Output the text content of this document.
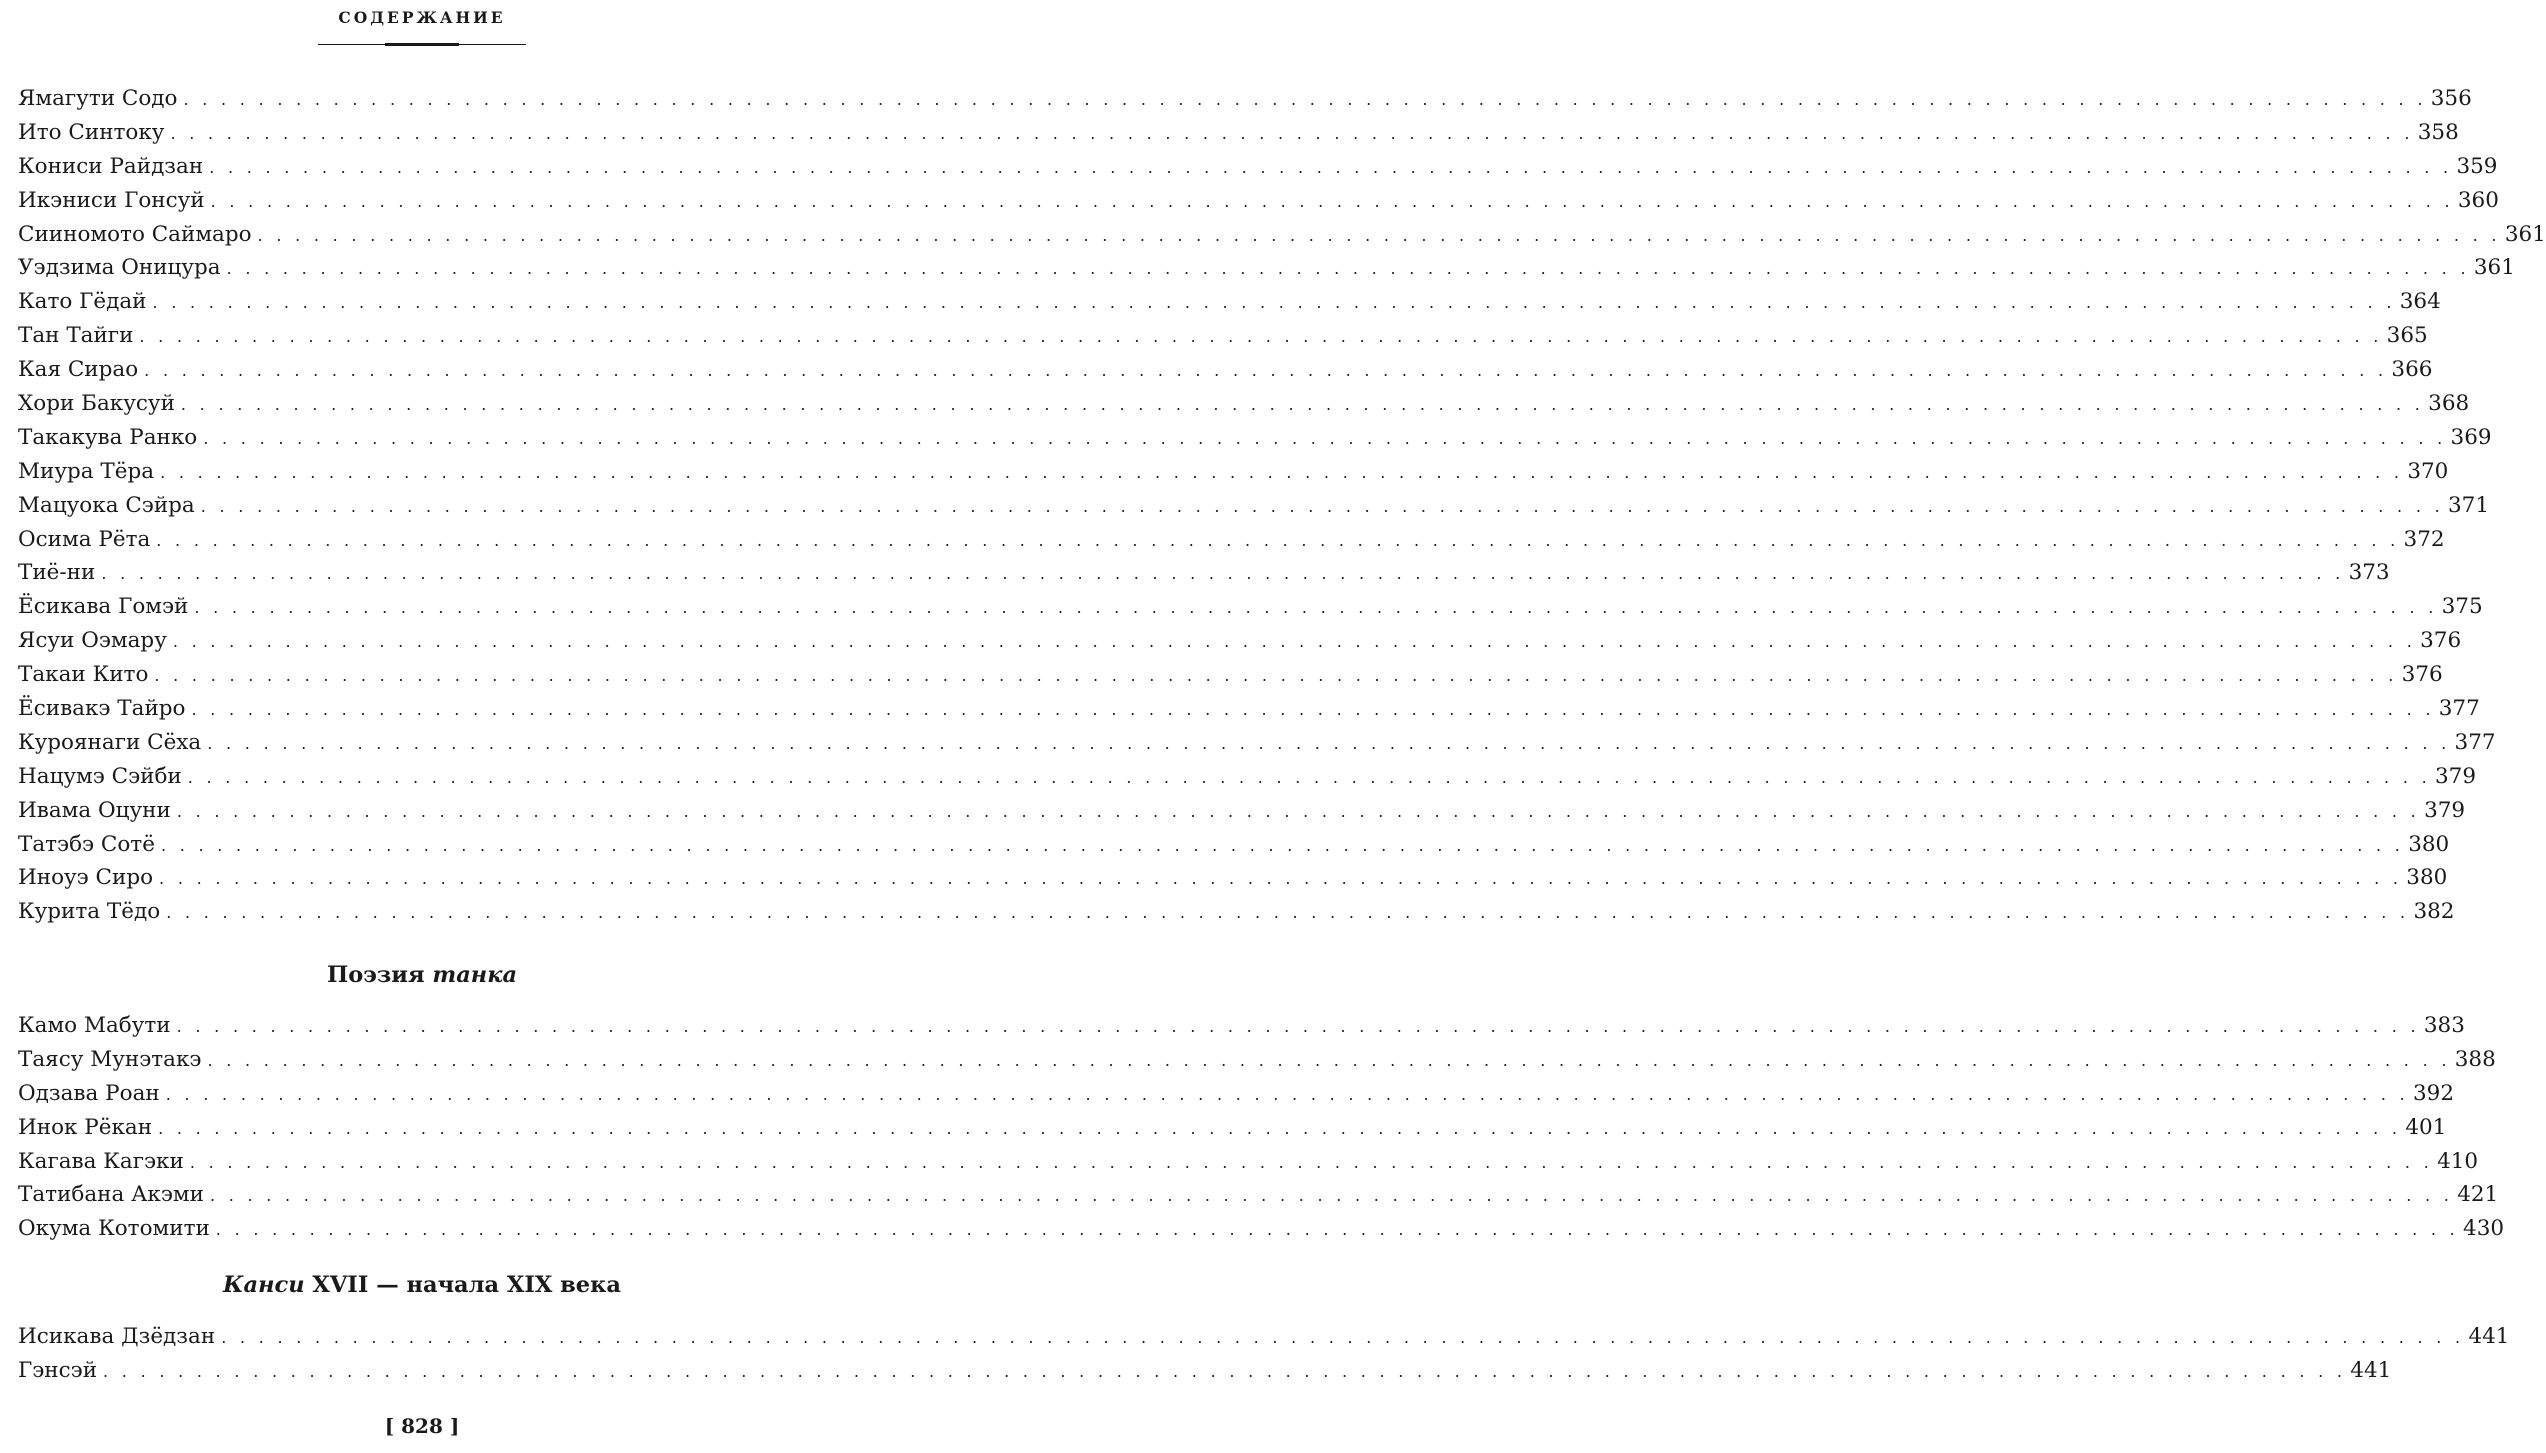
СОДЕРЖАНИЕ
Ямагути Содо . . . . . . . . . . . . . . . . . . . . . . . . . . . . . . . . . . . . . . . . . . . . . . . . . . . . . . . . . . . . . . . . . . . . . . . . . . . . . . . . . . . . . . . . . . . . . . . . . . . . . . . . . . . . . . . . . . . . . . . . 356
Ито Синтоку . . . . . . . . . . . . . . . . . . . . . . . . . . . . . . . . . . . . . . . . . . . . . . . . . . . . . . . . . . . . . . . . . . . . . . . . . . . . . . . . . . . . . . . . . . . . . . . . . . . . . . . . . . . . . . . . . . . . . . . . 358
Кониси Райдзан . . . . . . . . . . . . . . . . . . . . . . . . . . . . . . . . . . . . . . . . . . . . . . . . . . . . . . . . . . . . . . . . . . . . . . . . . . . . . . . . . . . . . . . . . . . . . . . . . . . . . . . . . . . . . . . . . . . . . . . . 359
Икэниси Гонсуй . . . . . . . . . . . . . . . . . . . . . . . . . . . . . . . . . . . . . . . . . . . . . . . . . . . . . . . . . . . . . . . . . . . . . . . . . . . . . . . . . . . . . . . . . . . . . . . . . . . . . . . . . . . . . . . . . . . . . . . . 360
Сииномото Саймаро . . . . . . . . . . . . . . . . . . . . . . . . . . . . . . . . . . . . . . . . . . . . . . . . . . . . . . . . . . . . . . . . . . . . . . . . . . . . . . . . . . . . . . . . . . . . . . . . . . . . . . . . . . . . . . . . . . . . . . . . 361
Уэдзима Оницура . . . . . . . . . . . . . . . . . . . . . . . . . . . . . . . . . . . . . . . . . . . . . . . . . . . . . . . . . . . . . . . . . . . . . . . . . . . . . . . . . . . . . . . . . . . . . . . . . . . . . . . . . . . . . . . . . . . . . . . . 361
Като Гёдай . . . . . . . . . . . . . . . . . . . . . . . . . . . . . . . . . . . . . . . . . . . . . . . . . . . . . . . . . . . . . . . . . . . . . . . . . . . . . . . . . . . . . . . . . . . . . . . . . . . . . . . . . . . . . . . . . . . . . . . . 364
Тан Тайги . . . . . . . . . . . . . . . . . . . . . . . . . . . . . . . . . . . . . . . . . . . . . . . . . . . . . . . . . . . . . . . . . . . . . . . . . . . . . . . . . . . . . . . . . . . . . . . . . . . . . . . . . . . . . . . . . . . . . . . . 365
Кая Сирао . . . . . . . . . . . . . . . . . . . . . . . . . . . . . . . . . . . . . . . . . . . . . . . . . . . . . . . . . . . . . . . . . . . . . . . . . . . . . . . . . . . . . . . . . . . . . . . . . . . . . . . . . . . . . . . . . . . . . . . . 366
Хори Бакусуй . . . . . . . . . . . . . . . . . . . . . . . . . . . . . . . . . . . . . . . . . . . . . . . . . . . . . . . . . . . . . . . . . . . . . . . . . . . . . . . . . . . . . . . . . . . . . . . . . . . . . . . . . . . . . . . . . . . . . . . . 368
Такакува Ранко . . . . . . . . . . . . . . . . . . . . . . . . . . . . . . . . . . . . . . . . . . . . . . . . . . . . . . . . . . . . . . . . . . . . . . . . . . . . . . . . . . . . . . . . . . . . . . . . . . . . . . . . . . . . . . . . . . . . . . . . 369
Миура Тёра . . . . . . . . . . . . . . . . . . . . . . . . . . . . . . . . . . . . . . . . . . . . . . . . . . . . . . . . . . . . . . . . . . . . . . . . . . . . . . . . . . . . . . . . . . . . . . . . . . . . . . . . . . . . . . . . . . . . . . . . 370
Мацуока Сэйра . . . . . . . . . . . . . . . . . . . . . . . . . . . . . . . . . . . . . . . . . . . . . . . . . . . . . . . . . . . . . . . . . . . . . . . . . . . . . . . . . . . . . . . . . . . . . . . . . . . . . . . . . . . . . . . . . . . . . . . . 371
Осима Рёта . . . . . . . . . . . . . . . . . . . . . . . . . . . . . . . . . . . . . . . . . . . . . . . . . . . . . . . . . . . . . . . . . . . . . . . . . . . . . . . . . . . . . . . . . . . . . . . . . . . . . . . . . . . . . . . . . . . . . . . . 372
Тиё-ни . . . . . . . . . . . . . . . . . . . . . . . . . . . . . . . . . . . . . . . . . . . . . . . . . . . . . . . . . . . . . . . . . . . . . . . . . . . . . . . . . . . . . . . . . . . . . . . . . . . . . . . . . . . . . . . . . . . . . . . . 373
Ёсикава Гомэй . . . . . . . . . . . . . . . . . . . . . . . . . . . . . . . . . . . . . . . . . . . . . . . . . . . . . . . . . . . . . . . . . . . . . . . . . . . . . . . . . . . . . . . . . . . . . . . . . . . . . . . . . . . . . . . . . . . . . . . . 375
Ясуи Оэмару . . . . . . . . . . . . . . . . . . . . . . . . . . . . . . . . . . . . . . . . . . . . . . . . . . . . . . . . . . . . . . . . . . . . . . . . . . . . . . . . . . . . . . . . . . . . . . . . . . . . . . . . . . . . . . . . . . . . . . . . 376
Такаи Кито . . . . . . . . . . . . . . . . . . . . . . . . . . . . . . . . . . . . . . . . . . . . . . . . . . . . . . . . . . . . . . . . . . . . . . . . . . . . . . . . . . . . . . . . . . . . . . . . . . . . . . . . . . . . . . . . . . . . . . . . 376
Ёсивакэ Тайро . . . . . . . . . . . . . . . . . . . . . . . . . . . . . . . . . . . . . . . . . . . . . . . . . . . . . . . . . . . . . . . . . . . . . . . . . . . . . . . . . . . . . . . . . . . . . . . . . . . . . . . . . . . . . . . . . . . . . . . . 377
Куроянаги Сёха . . . . . . . . . . . . . . . . . . . . . . . . . . . . . . . . . . . . . . . . . . . . . . . . . . . . . . . . . . . . . . . . . . . . . . . . . . . . . . . . . . . . . . . . . . . . . . . . . . . . . . . . . . . . . . . . . . . . . . . . 377
Нацумэ Сэйби . . . . . . . . . . . . . . . . . . . . . . . . . . . . . . . . . . . . . . . . . . . . . . . . . . . . . . . . . . . . . . . . . . . . . . . . . . . . . . . . . . . . . . . . . . . . . . . . . . . . . . . . . . . . . . . . . . . . . . . . 379
Ивама Оцуни . . . . . . . . . . . . . . . . . . . . . . . . . . . . . . . . . . . . . . . . . . . . . . . . . . . . . . . . . . . . . . . . . . . . . . . . . . . . . . . . . . . . . . . . . . . . . . . . . . . . . . . . . . . . . . . . . . . . . . . . 379
Татэбэ Сотё . . . . . . . . . . . . . . . . . . . . . . . . . . . . . . . . . . . . . . . . . . . . . . . . . . . . . . . . . . . . . . . . . . . . . . . . . . . . . . . . . . . . . . . . . . . . . . . . . . . . . . . . . . . . . . . . . . . . . . . . 380
Иноуэ Сиро . . . . . . . . . . . . . . . . . . . . . . . . . . . . . . . . . . . . . . . . . . . . . . . . . . . . . . . . . . . . . . . . . . . . . . . . . . . . . . . . . . . . . . . . . . . . . . . . . . . . . . . . . . . . . . . . . . . . . . . . 380
Курита Тёдо . . . . . . . . . . . . . . . . . . . . . . . . . . . . . . . . . . . . . . . . . . . . . . . . . . . . . . . . . . . . . . . . . . . . . . . . . . . . . . . . . . . . . . . . . . . . . . . . . . . . . . . . . . . . . . . . . . . . . . . . 382
Поэзия танка
Камо Мабути . . . . . . . . . . . . . . . . . . . . . . . . . . . . . . . . . . . . . . . . . . . . . . . . . . . . . . . . . . . . . . . . . . . . . . . . . . . . . . . . . . . . . . . . . . . . . . . . . . . . . . . . . . . . . . . . . . . . . . . . 383
Таясу Мунэтакэ . . . . . . . . . . . . . . . . . . . . . . . . . . . . . . . . . . . . . . . . . . . . . . . . . . . . . . . . . . . . . . . . . . . . . . . . . . . . . . . . . . . . . . . . . . . . . . . . . . . . . . . . . . . . . . . . . . . . . . . . 388
Одзава Роан . . . . . . . . . . . . . . . . . . . . . . . . . . . . . . . . . . . . . . . . . . . . . . . . . . . . . . . . . . . . . . . . . . . . . . . . . . . . . . . . . . . . . . . . . . . . . . . . . . . . . . . . . . . . . . . . . . . . . . . . 392
Инок Рёкан . . . . . . . . . . . . . . . . . . . . . . . . . . . . . . . . . . . . . . . . . . . . . . . . . . . . . . . . . . . . . . . . . . . . . . . . . . . . . . . . . . . . . . . . . . . . . . . . . . . . . . . . . . . . . . . . . . . . . . . . 401
Кагава Кагэки . . . . . . . . . . . . . . . . . . . . . . . . . . . . . . . . . . . . . . . . . . . . . . . . . . . . . . . . . . . . . . . . . . . . . . . . . . . . . . . . . . . . . . . . . . . . . . . . . . . . . . . . . . . . . . . . . . . . . . . . 410
Татибана Акэми . . . . . . . . . . . . . . . . . . . . . . . . . . . . . . . . . . . . . . . . . . . . . . . . . . . . . . . . . . . . . . . . . . . . . . . . . . . . . . . . . . . . . . . . . . . . . . . . . . . . . . . . . . . . . . . . . . . . . . . . 421
Окума Котомити . . . . . . . . . . . . . . . . . . . . . . . . . . . . . . . . . . . . . . . . . . . . . . . . . . . . . . . . . . . . . . . . . . . . . . . . . . . . . . . . . . . . . . . . . . . . . . . . . . . . . . . . . . . . . . . . . . . . . . . . 430
Канси XVII — начала XIX века
Исикава Дзёдзан . . . . . . . . . . . . . . . . . . . . . . . . . . . . . . . . . . . . . . . . . . . . . . . . . . . . . . . . . . . . . . . . . . . . . . . . . . . . . . . . . . . . . . . . . . . . . . . . . . . . . . . . . . . . . . . . . . . . . . . . 441
Гэнсэй . . . . . . . . . . . . . . . . . . . . . . . . . . . . . . . . . . . . . . . . . . . . . . . . . . . . . . . . . . . . . . . . . . . . . . . . . . . . . . . . . . . . . . . . . . . . . . . . . . . . . . . . . . . . . . . . . . . . . . . . 441
[ 828 ]
